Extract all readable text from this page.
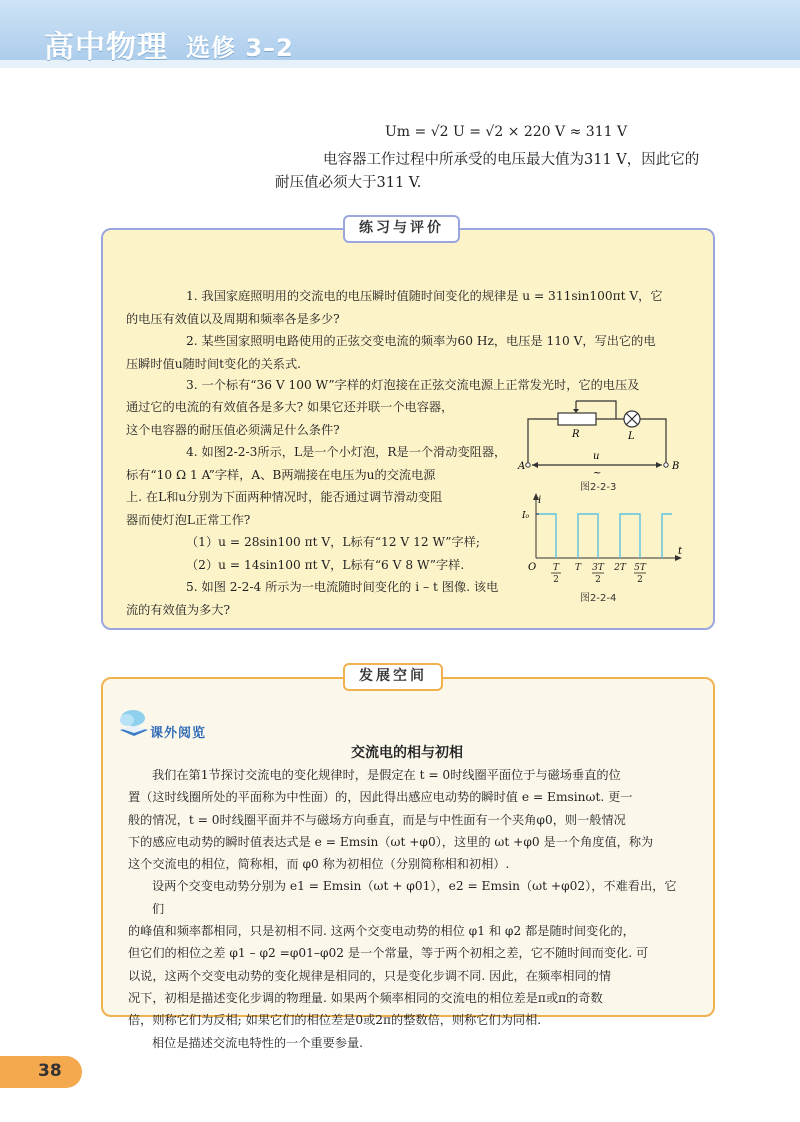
高中物理 选修 3–2
Um = √2 U = √2 × 220 V ≈ 311 V
电容器工作过程中所承受的电压最大值为311 V，因此它的
耐压值必须大于311 V.
练习与评价
1. 我国家庭照明用的交流电的电压瞬时值随时间变化的规律是 u = 311sin100πt V，它
的电压有效值以及周期和频率各是多少?
2. 某些国家照明电路使用的正弦交变电流的频率为60 Hz，电压是 110 V，写出它的电
压瞬时值u随时间t变化的关系式.
3. 一个标有“36 V 100 W”字样的灯泡接在正弦交流电源上正常发光时，它的电压及
通过它的电流的有效值各是多大? 如果它还并联一个电容器，
这个电容器的耐压值必须满足什么条件?
4. 如图2-2-3所示，L是一个小灯泡，R是一个滑动变阻器，
标有“10 Ω 1 A”字样，A、B两端接在电压为u的交流电源
上. 在L和u分别为下面两种情况时，能否通过调节滑动变阻
器而使灯泡L正常工作?
（1）u = 28sin100 πt V，L标有“12 V 12 W”字样;
（2）u = 14sin100 πt V，L标有“6 V 8 W”字样.
5. 如图 2-2-4 所示为一电流随时间变化的 i – t 图像. 该电
流的有效值为多大?
R	L
A	B
u
~
图2-2-3
i
I₀
O
t
T
2
T 3T
2
2T 5T
2
图2-2-4
发展空间
课外阅览
交流电的相与初相
我们在第1节探讨交流电的变化规律时，是假定在 t = 0时线圈平面位于与磁场垂直的位
置（这时线圈所处的平面称为中性面）的，因此得出感应电动势的瞬时值 e = Emsinωt. 更一
般的情况，t = 0时线圈平面并不与磁场方向垂直，而是与中性面有一个夹角φ0，则一般情况
下的感应电动势的瞬时值表达式是 e = Emsin（ωt +φ0），这里的 ωt +φ0 是一个角度值，称为
这个交流电的相位，简称相，而 φ0 称为初相位（分别简称相和初相）.
设两个交变电动势分别为 e1 = Emsin（ωt + φ01），e2 = Emsin（ωt +φ02），不难看出，它们
的峰值和频率都相同，只是初相不同. 这两个交变电动势的相位 φ1 和 φ2 都是随时间变化的，
但它们的相位之差 φ1 – φ2 =φ01–φ02 是一个常量，等于两个初相之差，它不随时间而变化. 可
以说，这两个交变电动势的变化规律是相同的，只是变化步调不同. 因此，在频率相同的情
况下，初相是描述变化步调的物理量. 如果两个频率相同的交流电的相位差是π或π的奇数
倍，则称它们为反相; 如果它们的相位差是0或2π的整数倍，则称它们为同相.
相位是描述交流电特性的一个重要参量.
38
